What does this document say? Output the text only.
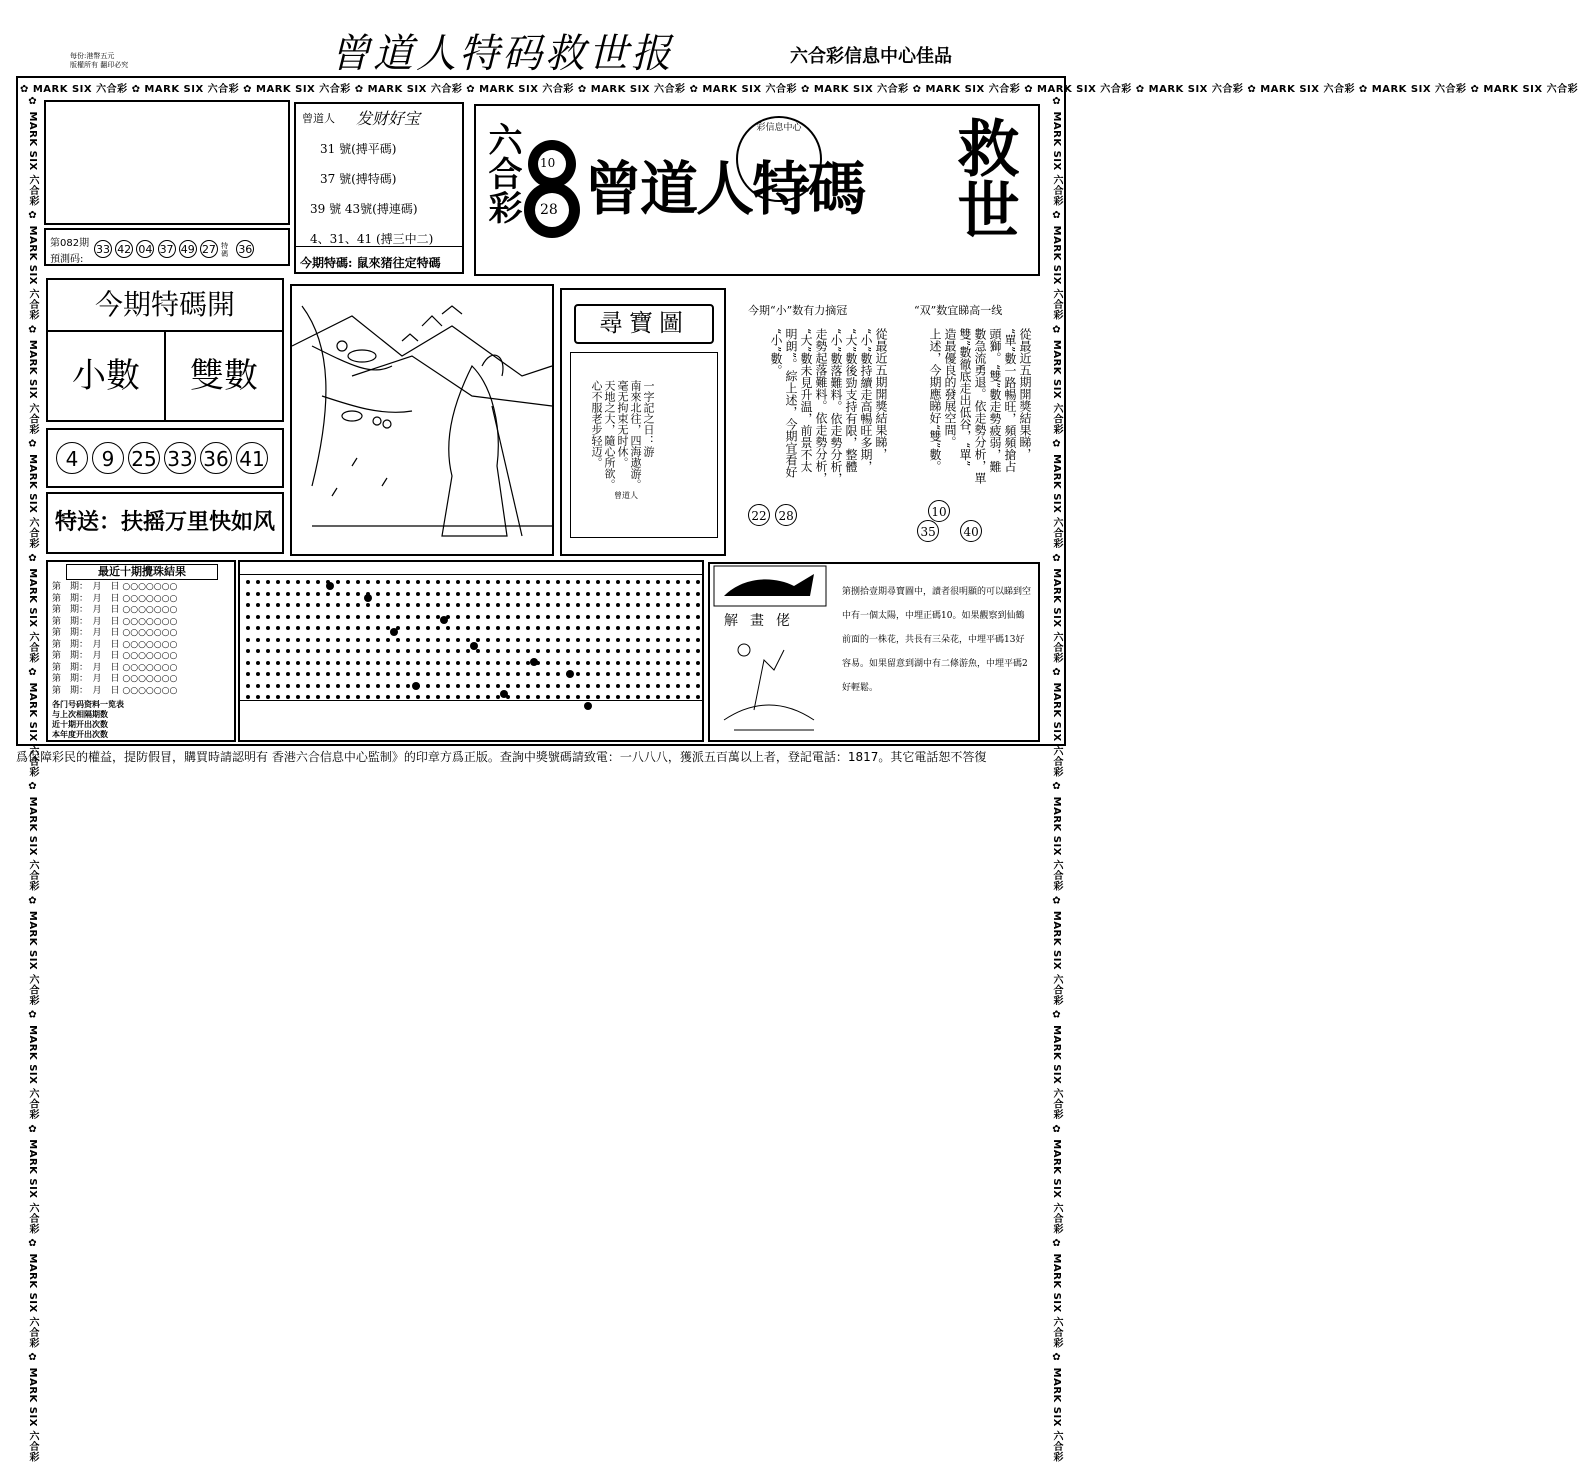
每份:港幣五元
版權所有 翻印必究	曾道人特码救世报	六合彩信息中心佳品
✿ MARK SIX 六合彩 ✿ MARK SIX 六合彩 ✿ MARK SIX 六合彩 ✿ MARK SIX 六合彩 ✿ MARK SIX 六合彩 ✿ MARK SIX 六合彩 ✿ MARK SIX 六合彩 ✿ MARK SIX 六合彩 ✿ MARK SIX 六合彩 ✿ MARK SIX 六合彩 ✿ MARK SIX 六合彩 ✿ MARK SIX 六合彩 ✿ MARK SIX 六合彩 ✿ MARK SIX 六合彩
✿ MARK SIX 六合彩 ✿ MARK SIX 六合彩 ✿ MARK SIX 六合彩 ✿ MARK SIX 六合彩 ✿ MARK SIX 六合彩 ✿ MARK SIX 六合彩 ✿ MARK SIX 六合彩 ✿ MARK SIX 六合彩 ✿ MARK SIX 六合彩 ✿ MARK SIX 六合彩 ✿ MARK SIX 六合彩 ✿ MARK SIX 六合彩	✿ MARK SIX 六合彩 ✿ MARK SIX 六合彩 ✿ MARK SIX 六合彩 ✿ MARK SIX 六合彩 ✿ MARK SIX 六合彩 ✿ MARK SIX 六合彩 ✿ MARK SIX 六合彩 ✿ MARK SIX 六合彩 ✿ MARK SIX 六合彩 ✿ MARK SIX 六合彩 ✿ MARK SIX 六合彩 ✿ MARK SIX 六合彩
第082期
預測码:
33 42 04 37 49 27 特碼 36
曾道人 发财好宝
31 號(搏平碼)
37 號(搏特碼)
39 號 43號(搏連碼)
4、31、41 (搏三中二)
今期特碼: 鼠來猪往定特碼
六合彩 10
28 曾道人特碼
彩信息中心	救世
今期特碼開
小數	雙數
4 9 25 33 36 41
特送：扶摇万里快如风
尋寶圖
一字記之日：游
南來北往，四海遨游。
毫无拘束无时休。
天地之大，隨心所欲。
心不服老步轻迈。
曾道人
今期“小”数有力摘冠	“双”数宜睇高一线
從最近五期開獎結果睇，
“小”數持續走高暢旺多期，
“大”數後勁支持有限，整體
“小”數落難料。依走勢分析，
走勢起落難料。依走勢分析，
“大”數未見升温，前景不太
明朗”。綜上述，今期宜看好
“小”數。	從最近五期開獎結果睇，
“單”數一路暢旺，頻頻搶占
頭獅。“雙”數走勢疲弱，難
數急流勇退。依走勢分析，單
雙”數徹底走出低谷，“單”
造最優良的發展空間。
上述，今期應睇好“雙”數。
22 28	10 35 40
最近十期攪珠結果
第　期：　月　日 ○○○○○○○
第　期：　月　日 ○○○○○○○
第　期：　月　日 ○○○○○○○
第　期：　月　日 ○○○○○○○
第　期：　月　日 ○○○○○○○
第　期：　月　日 ○○○○○○○
第　期：　月　日 ○○○○○○○
第　期：　月　日 ○○○○○○○
第　期：　月　日 ○○○○○○○
第　期：　月　日 ○○○○○○○
各门号码资料一览表
与上次相隔期数
近十期开出次数
本年度开出次数
解畫佬
第捌拾壹期尋寶圖中，讀者很明顯的可以睇到空中有一個太陽，中埋正碼10。如果觀察到仙鶴前面的一株花，共長有三朵花，中埋平碼13好容易。如果留意到湖中有二條游魚，中埋平碼2好輕鬆。
爲保障彩民的權益，提防假冒，購買時請認明有 香港六合信息中心監制》的印章方爲正版。查詢中獎號碼請致電：一八八八，獲派五百萬以上者，登記電話：1817。其它電話恕不答復
